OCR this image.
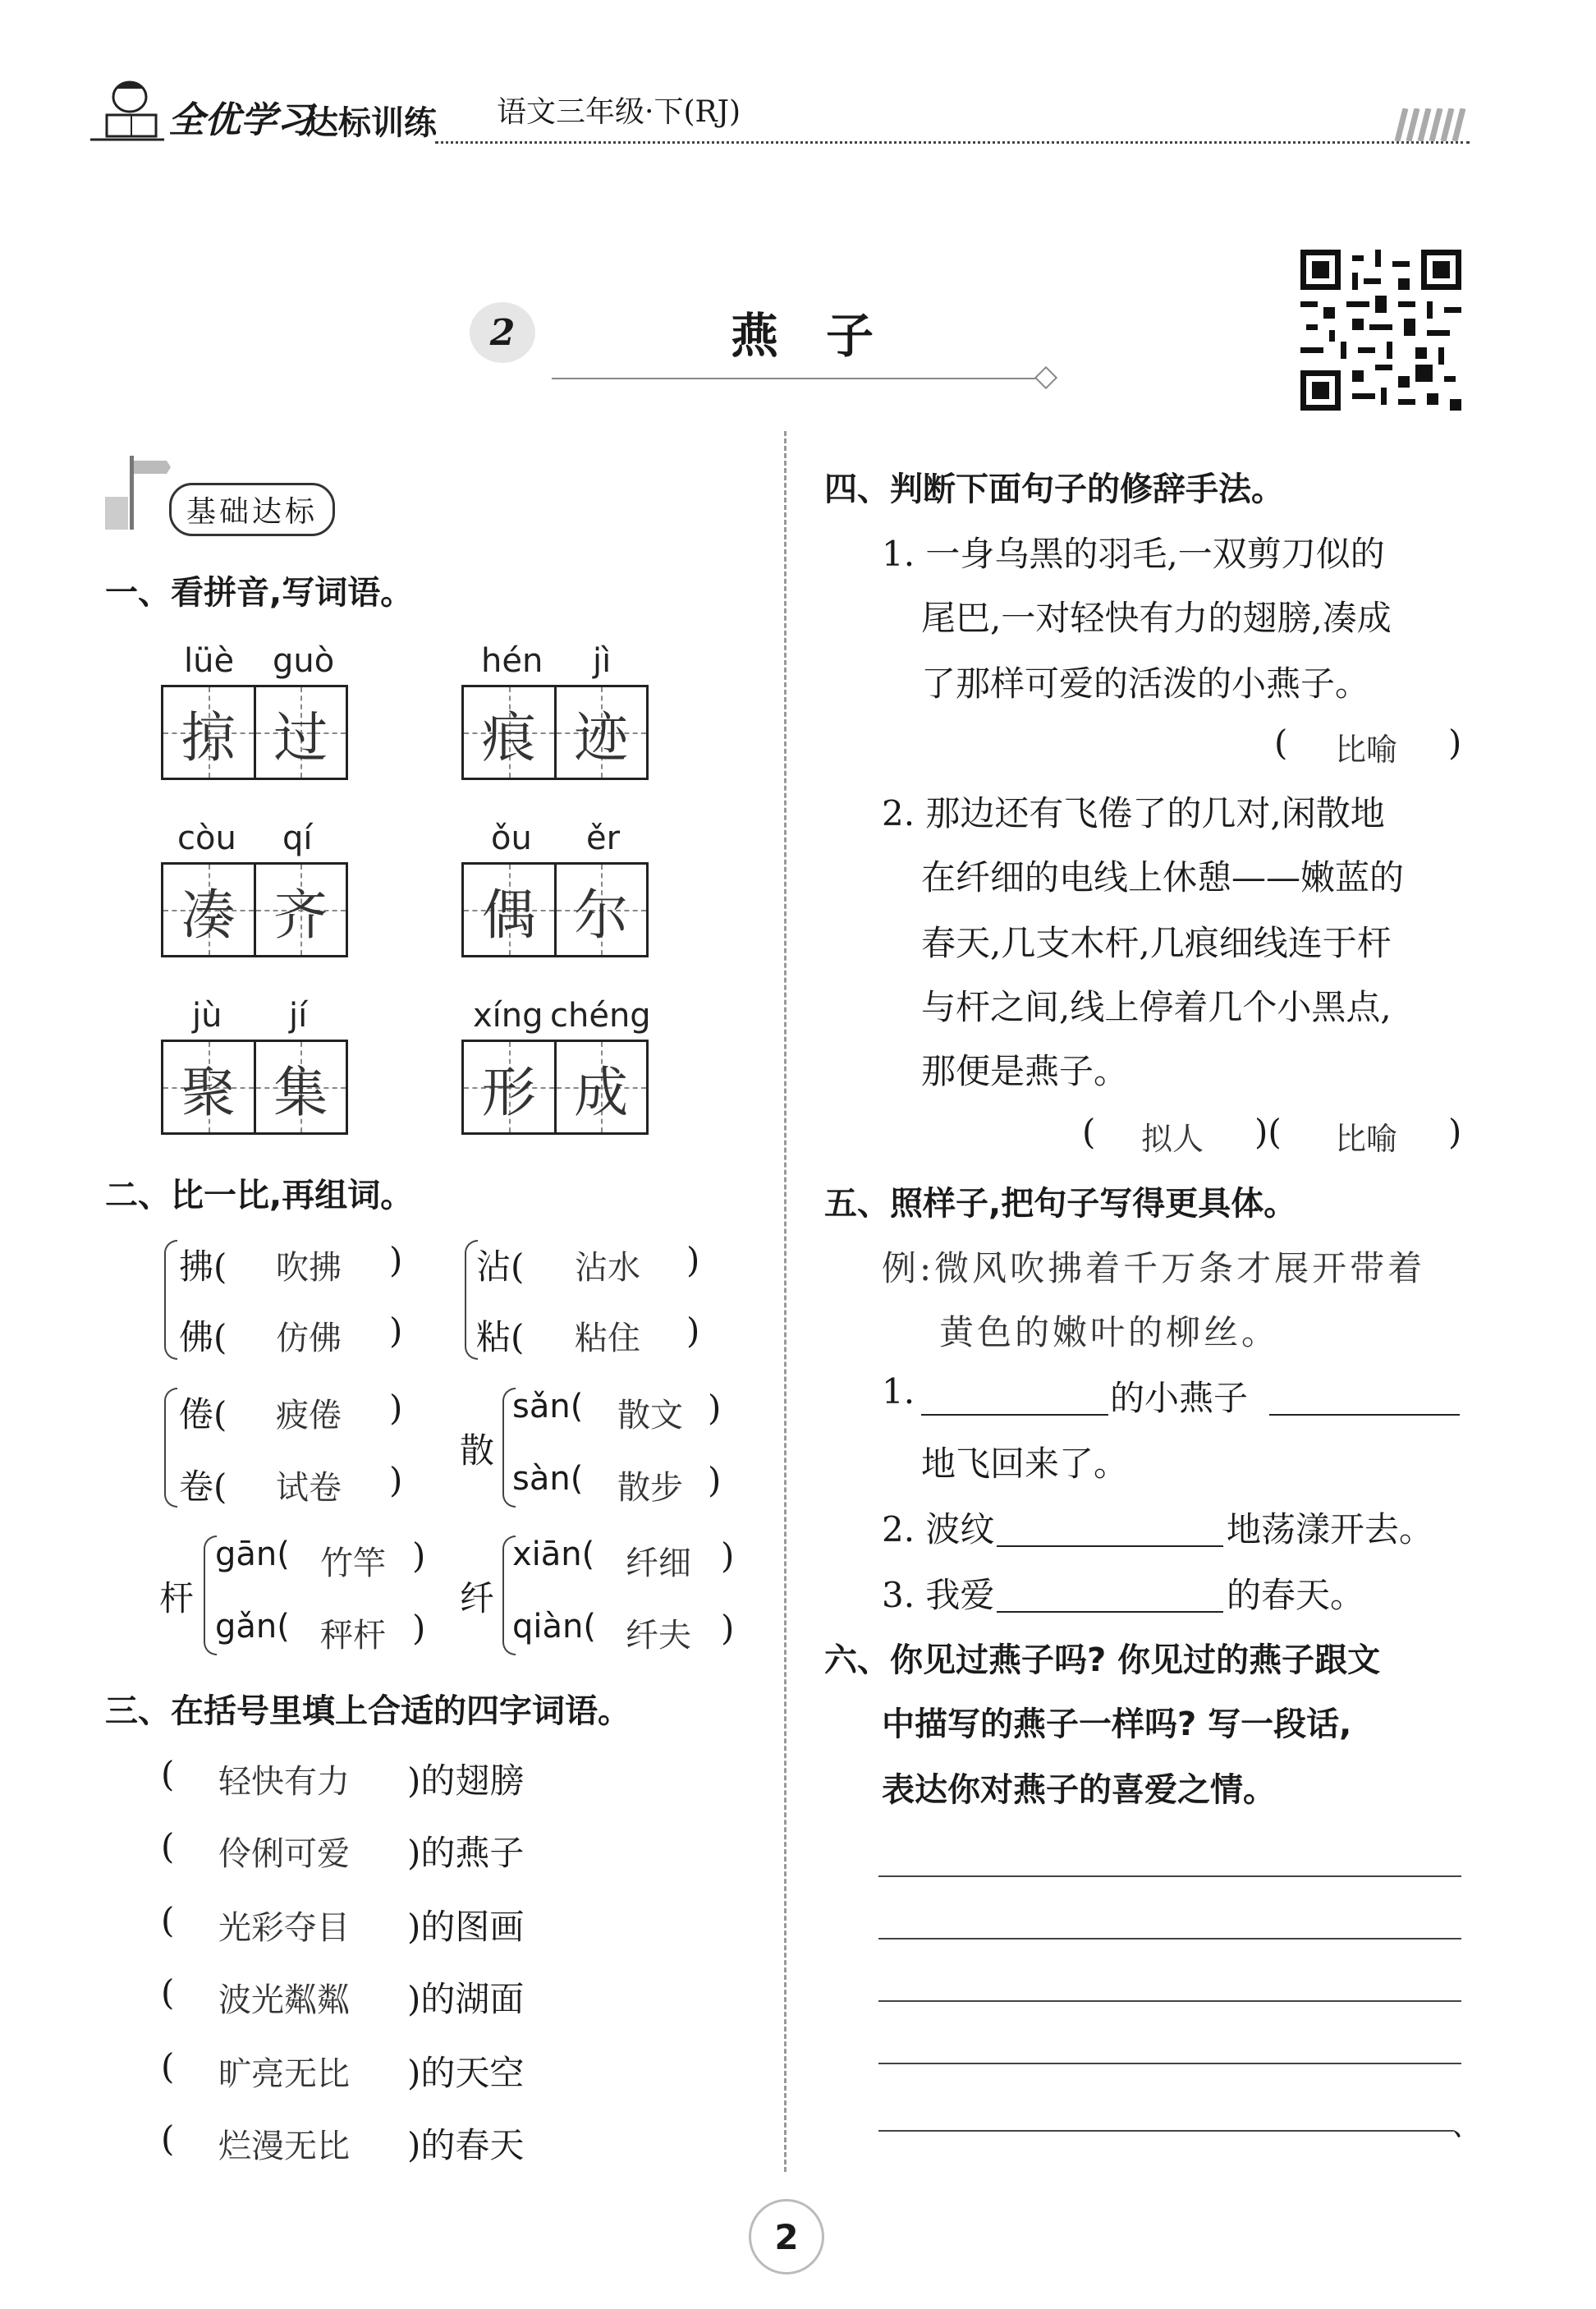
全优学习
达标训练 语文三年级·下(RJ)
2	燕　子
基础达标
一、看拼音,写词语。
lüè guò
掠 过
hén jì
痕 迹
còu qí
凑 齐
ǒu ěr
偶 尔
jù jí
聚 集
xíng chéng
形 成
二、比一比,再组词。
拂( 吹拂 )
佛( 仿佛 )
沾( 沾水 )
粘( 粘住 )
倦( 疲倦 )
卷( 试卷 )
散
sǎn( 散文 )
sàn( 散步 )
杆
gān( 竹竿 )
gǎn( 秤杆 )
纤
xiān( 纤细 )
qiàn( 纤夫 )
三、在括号里填上合适的四字词语。
( 轻快有力 )的翅膀
( 伶俐可爱 )的燕子
( 光彩夺目 )的图画
( 波光粼粼 )的湖面
( 旷亮无比 )的天空
( 烂漫无比 )的春天
四、判断下面句子的修辞手法。
1. 一身乌黑的羽毛,一双剪刀似的
尾巴,一对轻快有力的翅膀,凑成
了那样可爱的活泼的小燕子。
( 比喻 )
2. 那边还有飞倦了的几对,闲散地
在纤细的电线上休憩——嫩蓝的
春天,几支木杆,几痕细线连于杆
与杆之间,线上停着几个小黑点,
那便是燕子。
( 拟人 )( 比喻 )
五、照样子,把句子写得更具体。
例:微风吹拂着千万条才展开带着
黄色的嫩叶的柳丝。
1.	的小燕子
地飞回来了。
2. 波纹	地荡漾开去。
3. 我爱	的春天。
六、你见过燕子吗? 你见过的燕子跟文
中描写的燕子一样吗? 写一段话,
表达你对燕子的喜爱之情。
、
2
